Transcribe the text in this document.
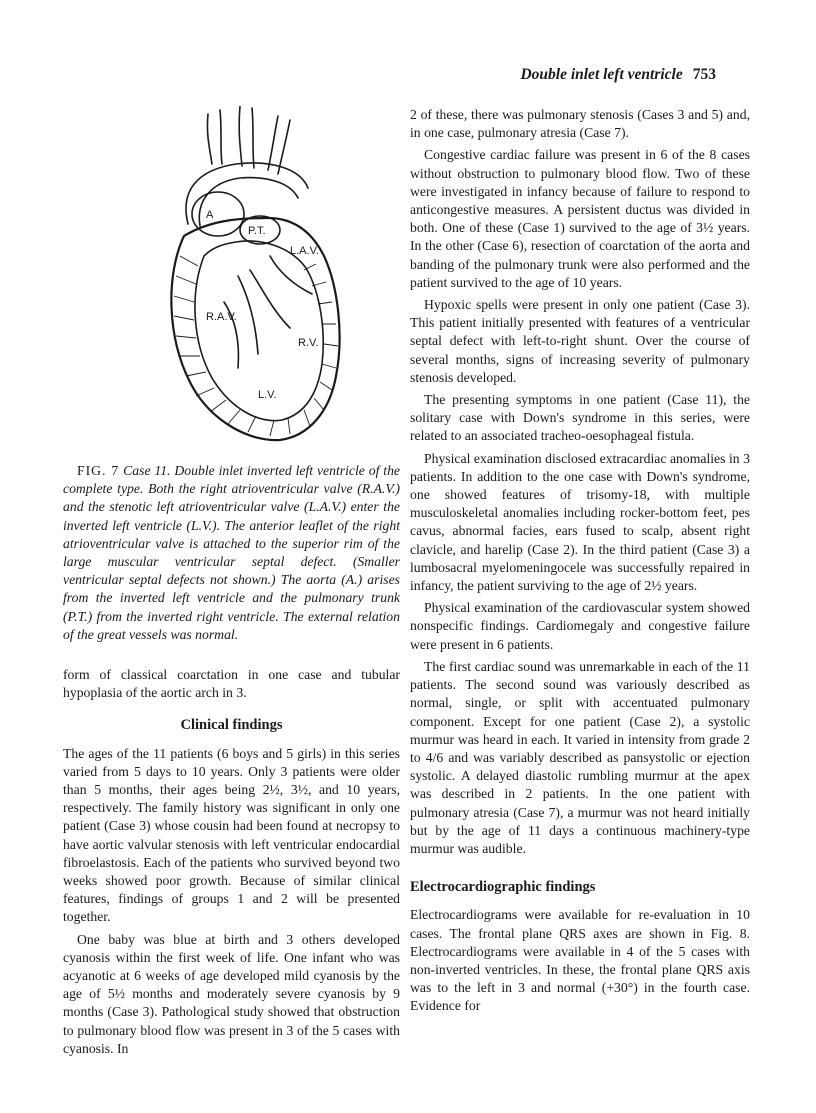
Double inlet left ventricle 753
A
P.T.
L.A.V.
R.A.V.
R.V.
L.V.

FIG. 7 Case 11. Double inlet inverted left ventricle of the complete type. Both the right atrioventricular valve (R.A.V.) and the stenotic left atrioventricular valve (L.A.V.) enter the inverted left ventricle (L.V.). The anterior leaflet of the right atrioventricular valve is attached to the superior rim of the large muscular ventricular septal defect. (Smaller ventricular septal defects not shown.) The aorta (A.) arises from the inverted left ventricle and the pulmonary trunk (P.T.) from the inverted right ventricle. The external relation of the great vessels was normal.

form of classical coarctation in one case and tubular hypoplasia of the aortic arch in 3.

Clinical findings

The ages of the 11 patients (6 boys and 5 girls) in this series varied from 5 days to 10 years. Only 3 patients were older than 5 months, their ages being 2½, 3½, and 10 years, respectively. The family history was significant in only one patient (Case 3) whose cousin had been found at necropsy to have aortic valvular stenosis with left ventricular endocardial fibroelastosis. Each of the patients who survived beyond two weeks showed poor growth. Because of similar clinical features, findings of groups 1 and 2 will be presented together.

One baby was blue at birth and 3 others developed cyanosis within the first week of life. One infant who was acyanotic at 6 weeks of age developed mild cyanosis by the age of 5½ months and moderately severe cyanosis by 9 months (Case 3). Pathological study showed that obstruction to pulmonary blood flow was present in 3 of the 5 cases with cyanosis. In

2 of these, there was pulmonary stenosis (Cases 3 and 5) and, in one case, pulmonary atresia (Case 7).

Congestive cardiac failure was present in 6 of the 8 cases without obstruction to pulmonary blood flow. Two of these were investigated in infancy because of failure to respond to anticongestive measures. A persistent ductus was divided in both. One of these (Case 1) survived to the age of 3½ years. In the other (Case 6), resection of coarctation of the aorta and banding of the pulmonary trunk were also performed and the patient survived to the age of 10 years.

Hypoxic spells were present in only one patient (Case 3). This patient initially presented with features of a ventricular septal defect with left-to-right shunt. Over the course of several months, signs of increasing severity of pulmonary stenosis developed.

The presenting symptoms in one patient (Case 11), the solitary case with Down's syndrome in this series, were related to an associated tracheo-oesophageal fistula.

Physical examination disclosed extracardiac anomalies in 3 patients. In addition to the one case with Down's syndrome, one showed features of trisomy-18, with multiple musculoskeletal anomalies including rocker-bottom feet, pes cavus, abnormal facies, ears fused to scalp, absent right clavicle, and harelip (Case 2). In the third patient (Case 3) a lumbosacral myelomeningocele was successfully repaired in infancy, the patient surviving to the age of 2½ years.

Physical examination of the cardiovascular system showed nonspecific findings. Cardiomegaly and congestive failure were present in 6 patients.

The first cardiac sound was unremarkable in each of the 11 patients. The second sound was variously described as normal, single, or split with accentuated pulmonary component. Except for one patient (Case 2), a systolic murmur was heard in each. It varied in intensity from grade 2 to 4/6 and was variably described as pansystolic or ejection systolic. A delayed diastolic rumbling murmur at the apex was described in 2 patients. In the one patient with pulmonary atresia (Case 7), a murmur was not heard initially but by the age of 11 days a continuous machinery-type murmur was audible.

Electrocardiographic findings

Electrocardiograms were available for re-evaluation in 10 cases. The frontal plane QRS axes are shown in Fig. 8. Electrocardiograms were available in 4 of the 5 cases with non-inverted ventricles. In these, the frontal plane QRS axis was to the left in 3 and normal (+30°) in the fourth case. Evidence for
